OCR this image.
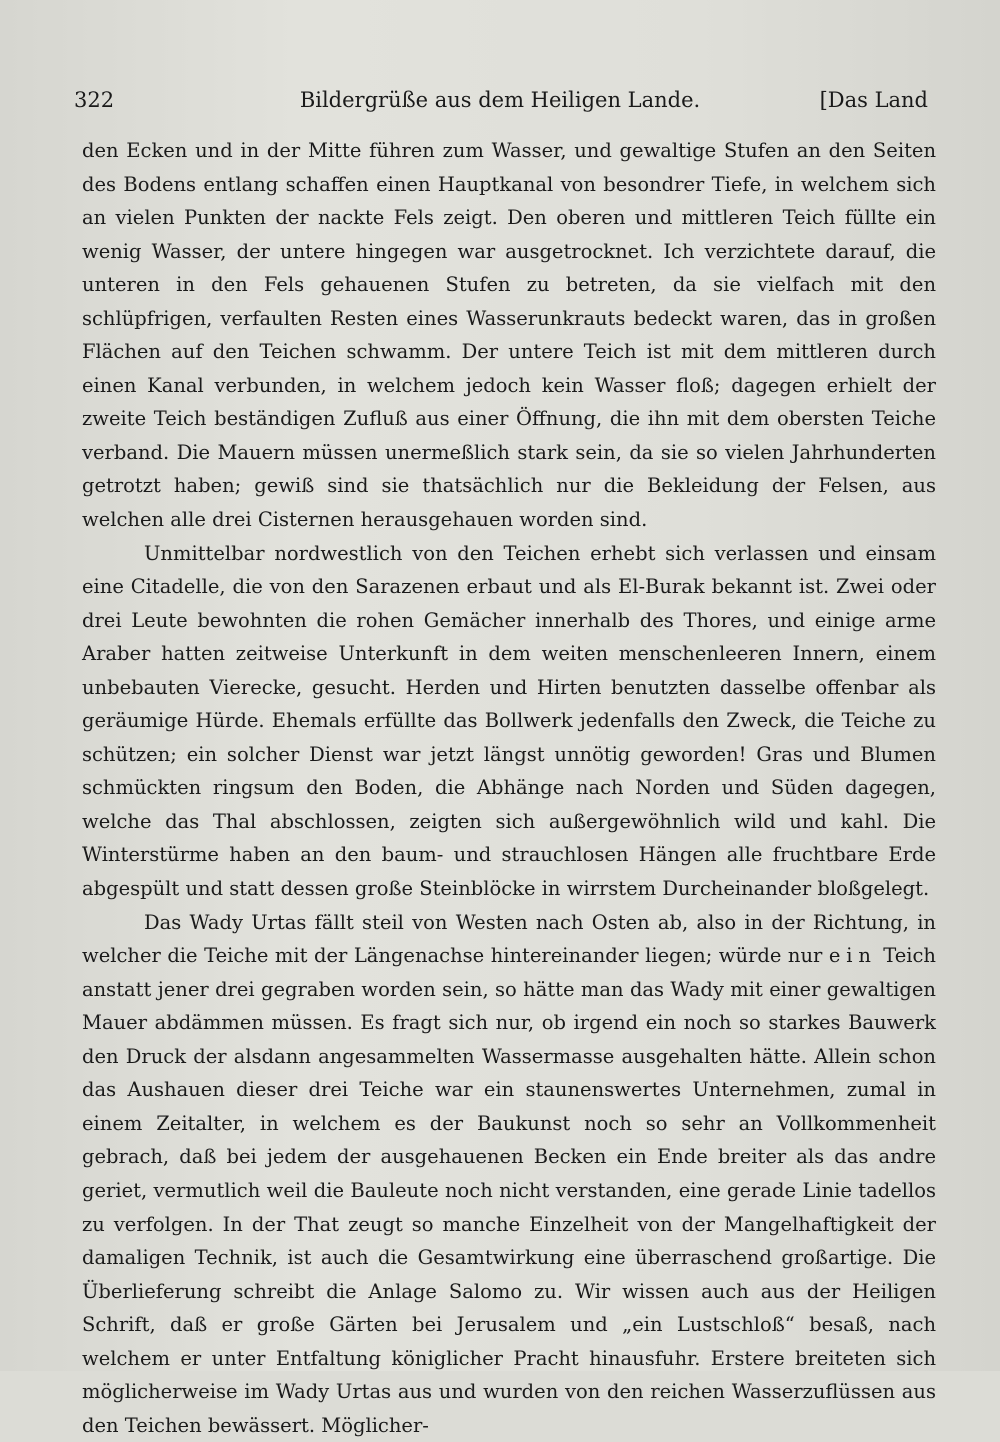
322	Bildergrüße aus dem Heiligen Lande.	[Das Land

den Ecken und in der Mitte führen zum Wasser, und gewaltige Stufen an den Seiten des Bodens entlang schaffen einen Hauptkanal von besondrer Tiefe, in welchem sich an vielen Punkten der nackte Fels zeigt. Den oberen und mittleren Teich füllte ein wenig Wasser, der untere hingegen war ausgetrocknet. Ich verzichtete darauf, die unteren in den Fels gehauenen Stufen zu betreten, da sie vielfach mit den schlüpfrigen, verfaulten Resten eines Wasserunkrauts bedeckt waren, das in großen Flächen auf den Teichen schwamm. Der untere Teich ist mit dem mittleren durch einen Kanal verbunden, in welchem jedoch kein Wasser floß; dagegen erhielt der zweite Teich beständigen Zufluß aus einer Öffnung, die ihn mit dem obersten Teiche verband. Die Mauern müssen unermeßlich stark sein, da sie so vielen Jahrhunderten getrotzt haben; gewiß sind sie thatsächlich nur die Bekleidung der Felsen, aus welchen alle drei Cisternen herausgehauen worden sind.

Unmittelbar nordwestlich von den Teichen erhebt sich verlassen und einsam eine Citadelle, die von den Sarazenen erbaut und als El-Burak bekannt ist. Zwei oder drei Leute bewohnten die rohen Gemächer innerhalb des Thores, und einige arme Araber hatten zeitweise Unterkunft in dem weiten menschenleeren Innern, einem unbebauten Vierecke, gesucht. Herden und Hirten benutzten dasselbe offenbar als geräumige Hürde. Ehemals erfüllte das Bollwerk jedenfalls den Zweck, die Teiche zu schützen; ein solcher Dienst war jetzt längst unnötig geworden! Gras und Blumen schmückten ringsum den Boden, die Abhänge nach Norden und Süden dagegen, welche das Thal abschlossen, zeigten sich außergewöhnlich wild und kahl. Die Winterstürme haben an den baum- und strauchlosen Hängen alle fruchtbare Erde abgespült und statt dessen große Steinblöcke in wirrstem Durcheinander bloßgelegt.

Das Wady Urtas fällt steil von Westen nach Osten ab, also in der Richtung, in welcher die Teiche mit der Längenachse hintereinander liegen; würde nur ein Teich anstatt jener drei gegraben worden sein, so hätte man das Wady mit einer gewaltigen Mauer abdämmen müssen. Es fragt sich nur, ob irgend ein noch so starkes Bauwerk den Druck der alsdann angesammelten Wassermasse ausgehalten hätte. Allein schon das Aushauen dieser drei Teiche war ein staunenswertes Unternehmen, zumal in einem Zeitalter, in welchem es der Baukunst noch so sehr an Vollkommenheit gebrach, daß bei jedem der ausgehauenen Becken ein Ende breiter als das andre geriet, vermutlich weil die Bauleute noch nicht verstanden, eine gerade Linie tadellos zu verfolgen. In der That zeugt so manche Einzelheit von der Mangelhaftigkeit der damaligen Technik, ist auch die Gesamtwirkung eine überraschend großartige. Die Überlieferung schreibt die Anlage Salomo zu. Wir wissen auch aus der Heiligen Schrift, daß er große Gärten bei Jerusalem und „ein Lustschloß“ besaß, nach welchem er unter Entfaltung königlicher Pracht hinausfuhr. Erstere breiteten sich möglicherweise im Wady Urtas aus und wurden von den reichen Wasserzuflüssen aus den Teichen bewässert. Möglicher-
